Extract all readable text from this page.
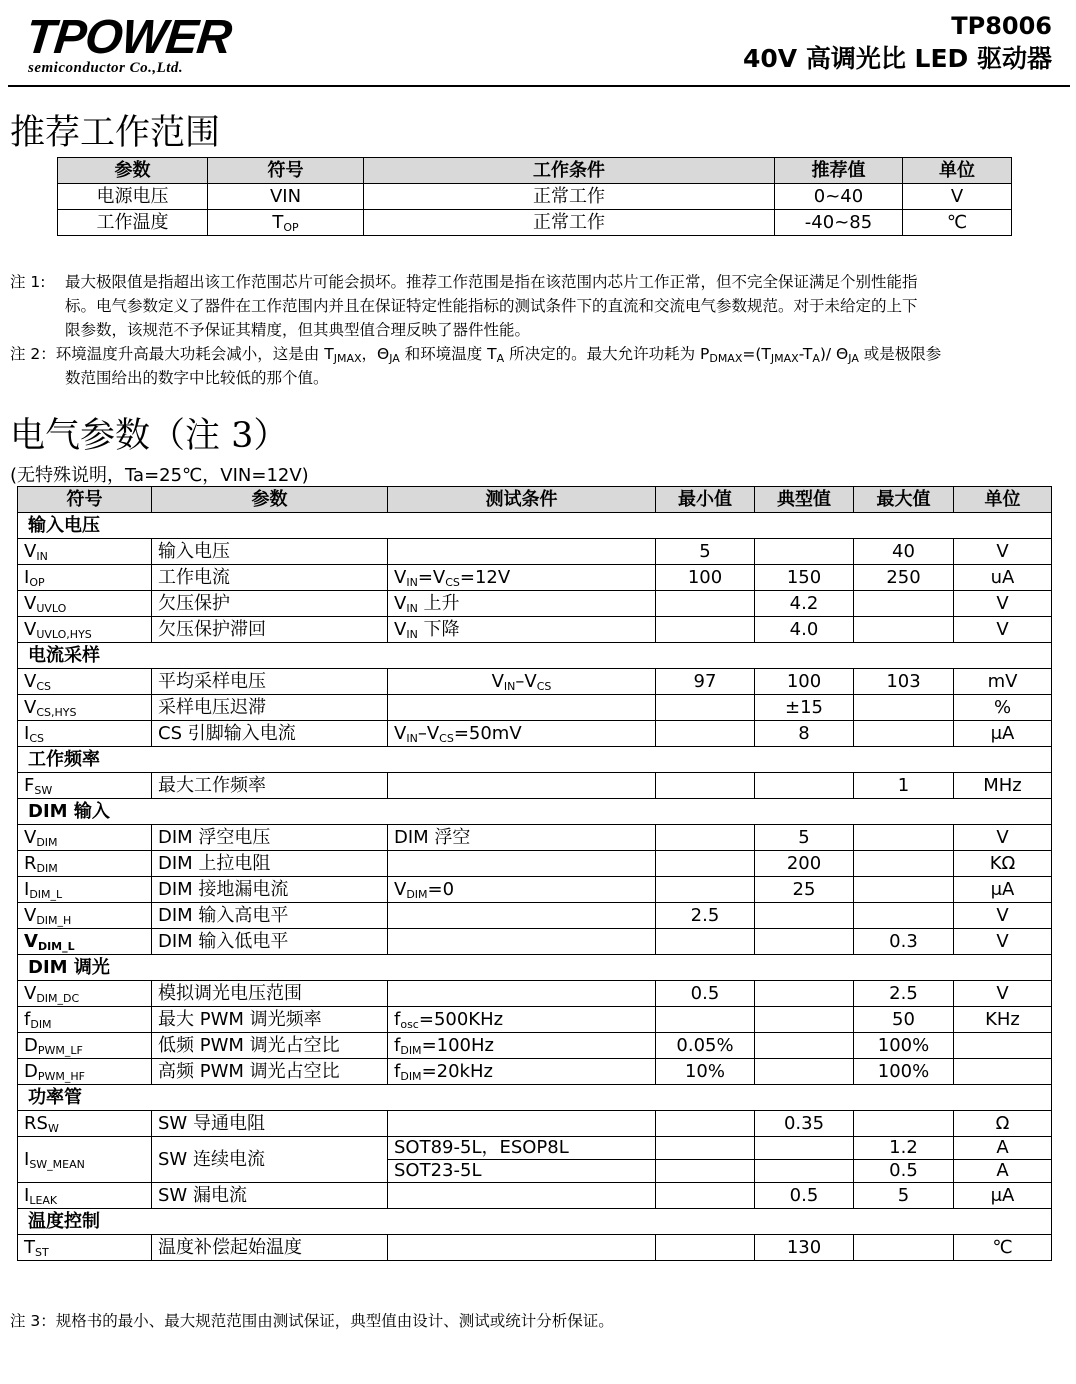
TPOWER
semiconductor Co.,Ltd.
TP8006
40V 高调光比 LED 驱动器
推荐工作范围
参数	符号	工作条件	推荐值	单位
电源电压	VIN	正常工作	0~40	V
工作温度	$T_{OP}$	正常工作	-40~85	℃
注 1: 最大极限值是指超出该工作范围芯片可能会损坏。推荐工作范围是指在该范围内芯片工作正常，但不完全保证满足个别性能指
标。电气参数定义了器件在工作范围内并且在保证特定性能指标的测试条件下的直流和交流电气参数规范。对于未给定的上下
限参数，该规范不予保证其精度，但其典型值合理反映了器件性能。
注 2：环境温度升高最大功耗会减小，这是由 $T_{JMAX}$，$\Theta_{JA}$ 和环境温度 $T_A$ 所决定的。最大允许功耗为 $P_{DMAX}=(T_{JMAX}-T_A)/$ $\Theta_{JA}$ 或是极限参
数范围给出的数字中比较低的那个值。
电气参数（注 3）
(无特殊说明，Ta=25℃，VIN=12V)
符号	参数	测试条件	最小值	典型值	最大值	单位
输入电压						
$V_{IN}$	输入电压		5		40	V
$I_{OP}$	工作电流	$V_{IN}=V_{CS}=12V$	100	150	250	uA
$V_{UVLO}$	欠压保护	$V_{IN}$ 上升		4.2		V
$V_{UVLO,HYS}$	欠压保护滞回	$V_{IN}$ 下降		4.0		V
电流采样						
$V_{CS}$	平均采样电压	$V_{IN}-V_{CS}$	97	100	103	mV
$V_{CS,HYS}$	采样电压迟滞			±15		%
$I_{CS}$	CS 引脚输入电流	$V_{IN}-V_{CS}=50mV$		8		μA
工作频率						
$F_{SW}$	最大工作频率				1	MHz
DIM 输入						
$V_{DIM}$	DIM 浮空电压	DIM 浮空		5		V
$R_{DIM}$	DIM 上拉电阻			200		KΩ
$I_{DIM\_L}$	DIM 接地漏电流	$V_{DIM}=0$		25		μA
$V_{DIM\_H}$	DIM 输入高电平		2.5			V
$V_{DIM\_L}$	DIM 输入低电平				0.3	V
DIM 调光						
$V_{DIM\_DC}$	模拟调光电压范围		0.5		2.5	V
$f_{DIM}$	最大 PWM 调光频率	$f_{osc}=500KHz$			50	KHz
$D_{PWM\_LF}$	低频 PWM 调光占空比	$f_{DIM}=100Hz$	0.05%		100%	
$D_{PWM\_HF}$	高频 PWM 调光占空比	$f_{DIM}=20kHz$	10%		100%	
功率管						
$RS_W$	SW 导通电阻			0.35		Ω
$I_{SW\_MEAN}$	SW 连续电流	SOT89-5L，ESOP8L			1.2	A
		SOT23-5L			0.5	A
$I_{LEAK}$	SW 漏电流			0.5	5	μA
温度控制						
$T_{ST}$	温度补偿起始温度			130		℃
注 3：规格书的最小、最大规范范围由测试保证，典型值由设计、测试或统计分析保证。
